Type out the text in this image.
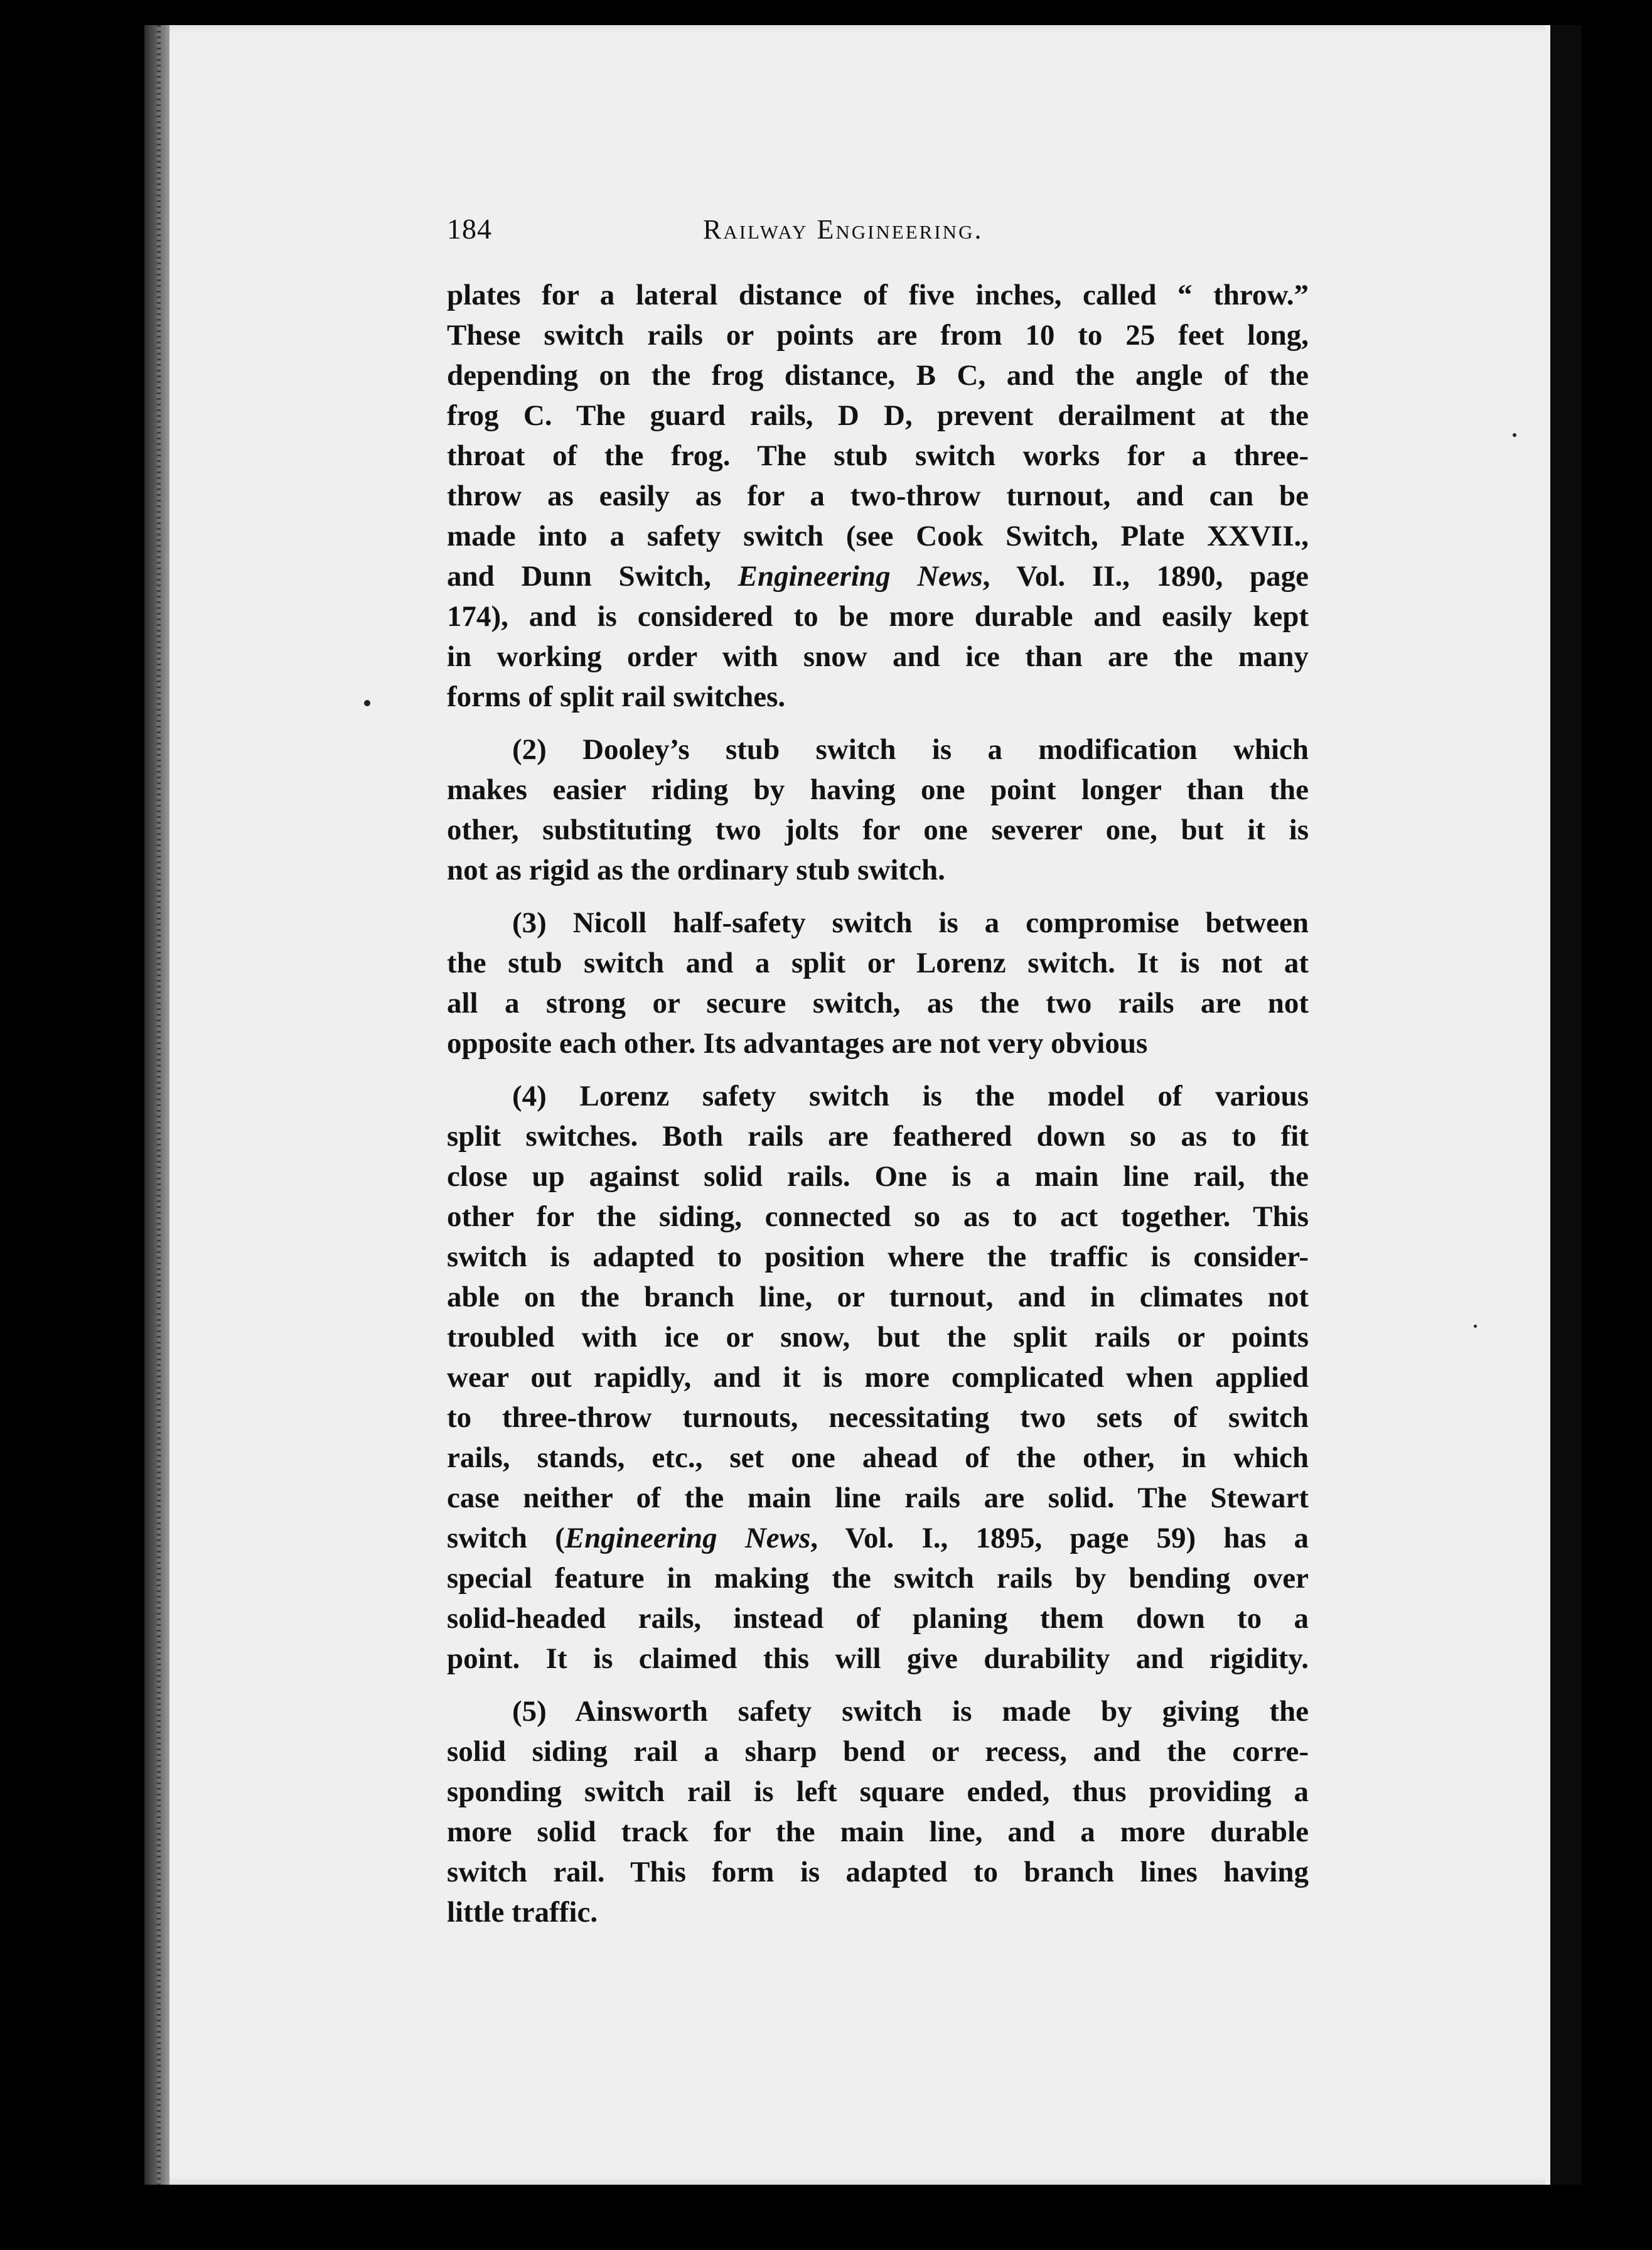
184	Railway Engineering.
plates for a lateral distance of five inches, called “ throw.”
These switch rails or points are from 10 to 25 feet long,
depending on the frog distance, B C, and the angle of the
frog C. The guard rails, D D, prevent derailment at the
throat of the frog. The stub switch works for a three-
throw as easily as for a two-throw turnout, and can be
made into a safety switch (see Cook Switch, Plate XXVII.,
and Dunn Switch, Engineering News, Vol. II., 1890, page
174), and is considered to be more durable and easily kept
in working order with snow and ice than are the many
forms of split rail switches.
(2) Dooley’s stub switch is a modification which
makes easier riding by having one point longer than the
other, substituting two jolts for one severer one, but it is
not as rigid as the ordinary stub switch.
(3) Nicoll half-safety switch is a compromise between
the stub switch and a split or Lorenz switch. It is not at
all a strong or secure switch, as the two rails are not
opposite each other. Its advantages are not very obvious
(4) Lorenz safety switch is the model of various
split switches. Both rails are feathered down so as to fit
close up against solid rails. One is a main line rail, the
other for the siding, connected so as to act together. This
switch is adapted to position where the traffic is consider-
able on the branch line, or turnout, and in climates not
troubled with ice or snow, but the split rails or points
wear out rapidly, and it is more complicated when applied
to three-throw turnouts, necessitating two sets of switch
rails, stands, etc., set one ahead of the other, in which
case neither of the main line rails are solid. The Stewart
switch (Engineering News, Vol. I., 1895, page 59) has a
special feature in making the switch rails by bending over
solid-headed rails, instead of planing them down to a
point. It is claimed this will give durability and rigidity.
(5) Ainsworth safety switch is made by giving the
solid siding rail a sharp bend or recess, and the corre-
sponding switch rail is left square ended, thus providing a
more solid track for the main line, and a more durable
switch rail. This form is adapted to branch lines having
little traffic.
